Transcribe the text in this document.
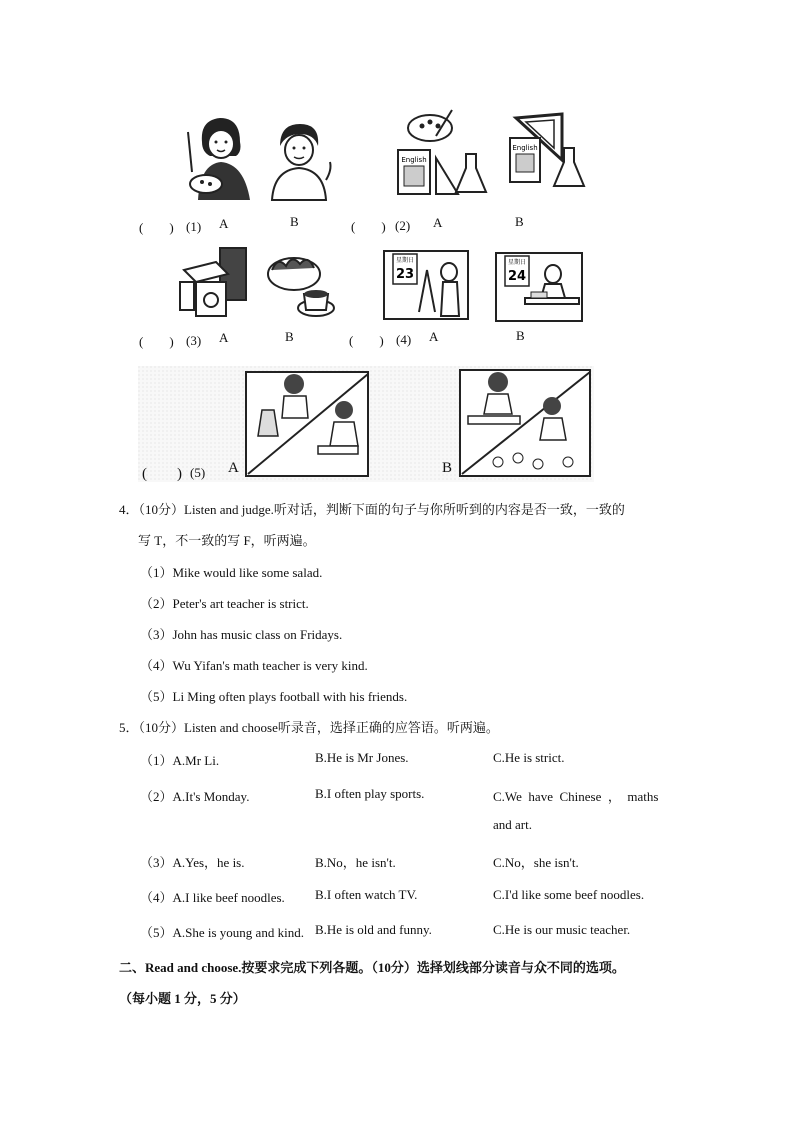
English
English
(　　) (1) A	B	(　　) (2) A	B
星期日
23
星期日
24
(　　) (3) A	B	(　　) (4) A	B
(　　) (5) A	B
4．（10分）Listen and judge.听对话，判断下面的句子与你所听到的内容是否一致，一致的
写 T，不一致的写 F，听两遍。
（1）Mike would like some salad.
（2）Peter's art teacher is strict.
（3）John has music class on Fridays.
（4）Wu Yifan's math teacher is very kind.
（5）Li Ming often plays football with his friends.
5．（10分）Listen and choose听录音，选择正确的应答语。听两遍。
（1）A.Mr Li.	B.He is Mr Jones.	C.He is strict.
（2）A.It's Monday.	B.I often play sports.	C.We  have  Chinese  ，  maths
and art.
（3）A.Yes，he is.	B.No，he isn't.	C.No，she isn't.
（4）A.I like beef noodles. B.I often watch TV.	C.I'd like some beef noodles.
（5）A.She is young and kind. B.He is old and funny.	C.He is our music teacher.
二、Read and choose.按要求完成下列各题。（10分）选择划线部分读音与众不同的选项。
（每小题 1 分，5 分）
